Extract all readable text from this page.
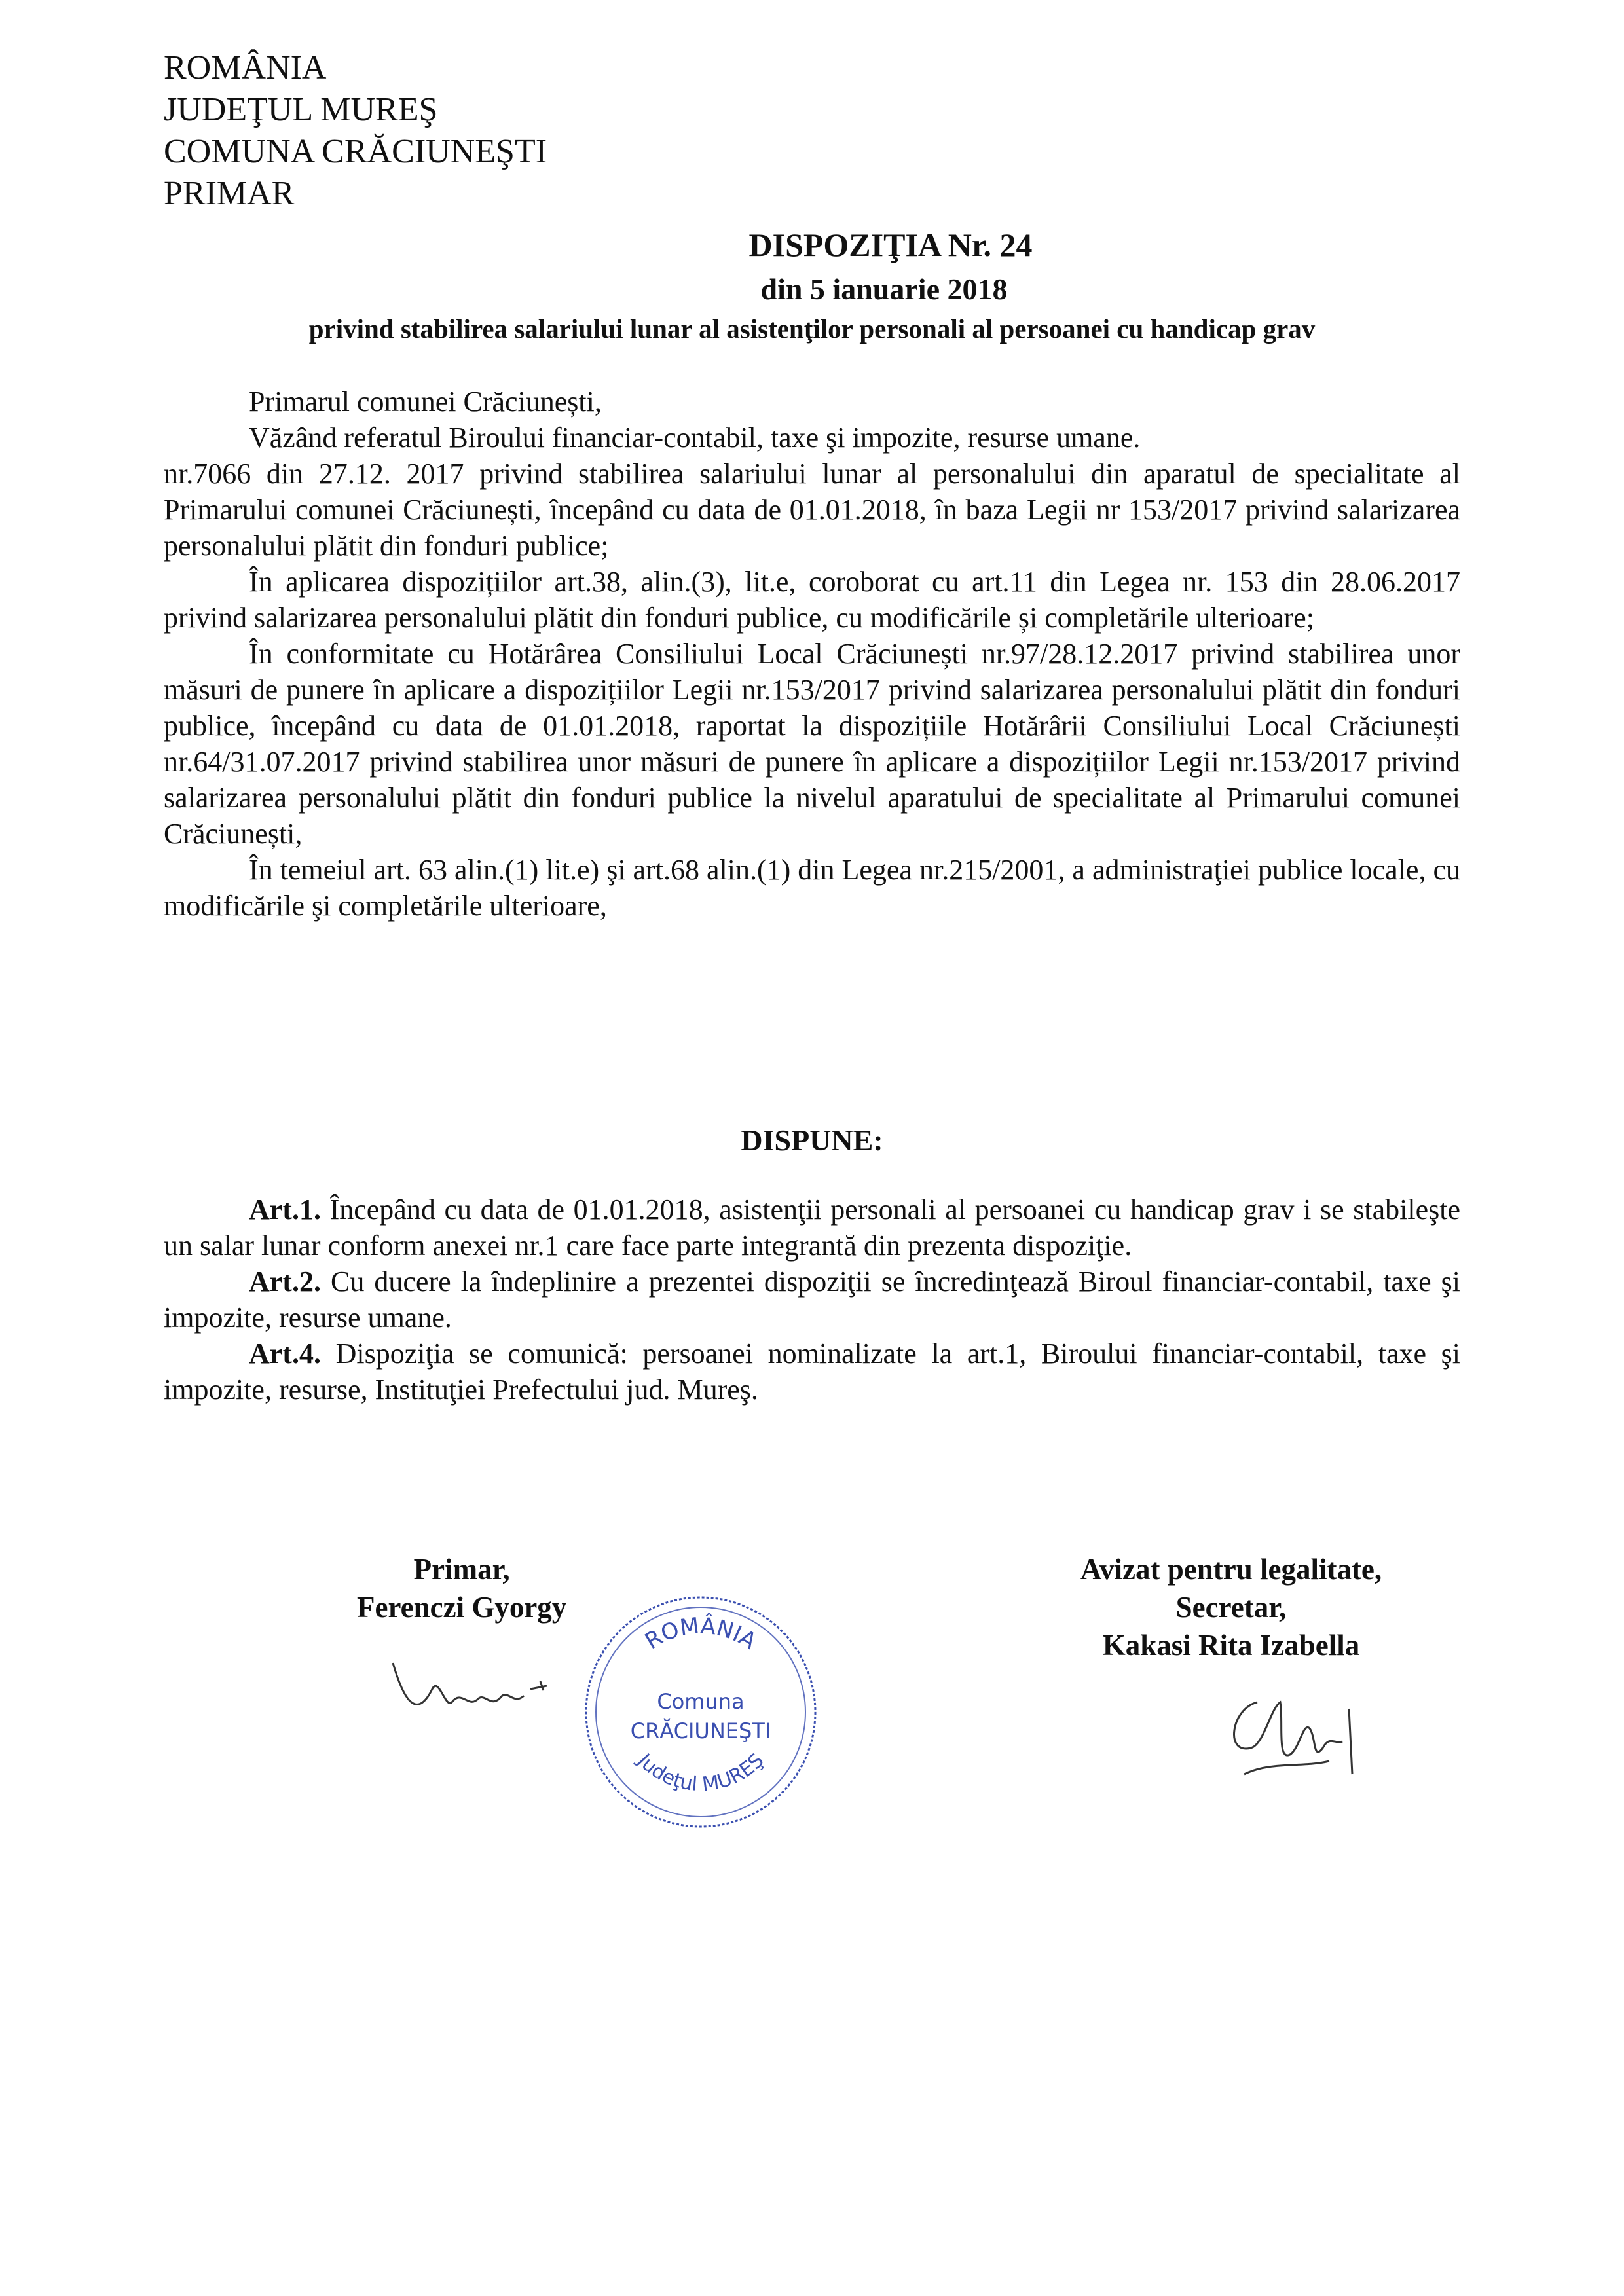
ROMÂNIA
JUDEŢUL MUREŞ
COMUNA CRĂCIUNEŞTI
PRIMAR
DISPOZIŢIA Nr. 24
din 5 ianuarie 2018
privind stabilirea salariului lunar al asistenţilor personali al persoanei cu handicap grav

Primarul comunei Crăciunești,

Văzând referatul Biroului financiar-contabil, taxe şi impozite, resurse umane.

nr.7066 din 27.12. 2017 privind stabilirea salariului lunar al personalului din aparatul de specialitate al Primarului comunei Crăciunești, începând cu data de 01.01.2018, în baza Legii nr 153/2017 privind salarizarea personalului plătit din fonduri publice;

În aplicarea dispozițiilor art.38, alin.(3), lit.e, coroborat cu art.11 din Legea nr. 153 din 28.06.2017 privind salarizarea personalului plătit din fonduri publice, cu modificările și completările ulterioare;

În conformitate cu Hotărârea Consiliului Local Crăciunești nr.97/28.12.2017 privind stabilirea unor măsuri de punere în aplicare a dispozițiilor Legii nr.153/2017 privind salarizarea personalului plătit din fonduri publice, începând cu data de 01.01.2018, raportat la dispozițiile Hotărârii Consiliului Local Crăciunești nr.64/31.07.2017 privind stabilirea unor măsuri de punere în aplicare a dispozițiilor Legii nr.153/2017 privind salarizarea personalului plătit din fonduri publice la nivelul aparatului de specialitate al Primarului comunei Crăciunești,

În temeiul art. 63 alin.(1) lit.e) şi art.68 alin.(1) din Legea nr.215/2001, a administraţiei publice locale, cu modificările şi completările ulterioare,

DISPUNE:

Art.1. Începând cu data de 01.01.2018, asistenţii personali al persoanei cu handicap grav i se stabileşte un salar lunar conform anexei nr.1 care face parte integrantă din prezenta dispoziţie.

Art.2. Cu ducere la îndeplinire a prezentei dispoziţii se încredinţează Biroul financiar-contabil, taxe şi impozite, resurse umane.

Art.4. Dispoziţia se comunică: persoanei nominalizate la art.1, Biroului financiar-contabil, taxe şi impozite, resurse, Instituţiei Prefectului jud. Mureş.

Primar,
Ferenczi Gyorgy
Avizat pentru legalitate,
Secretar,
Kakasi Rita Izabella
ROMÂNIA
Comuna
CRĂCIUNEŞTI
Judeţul MUREŞ
